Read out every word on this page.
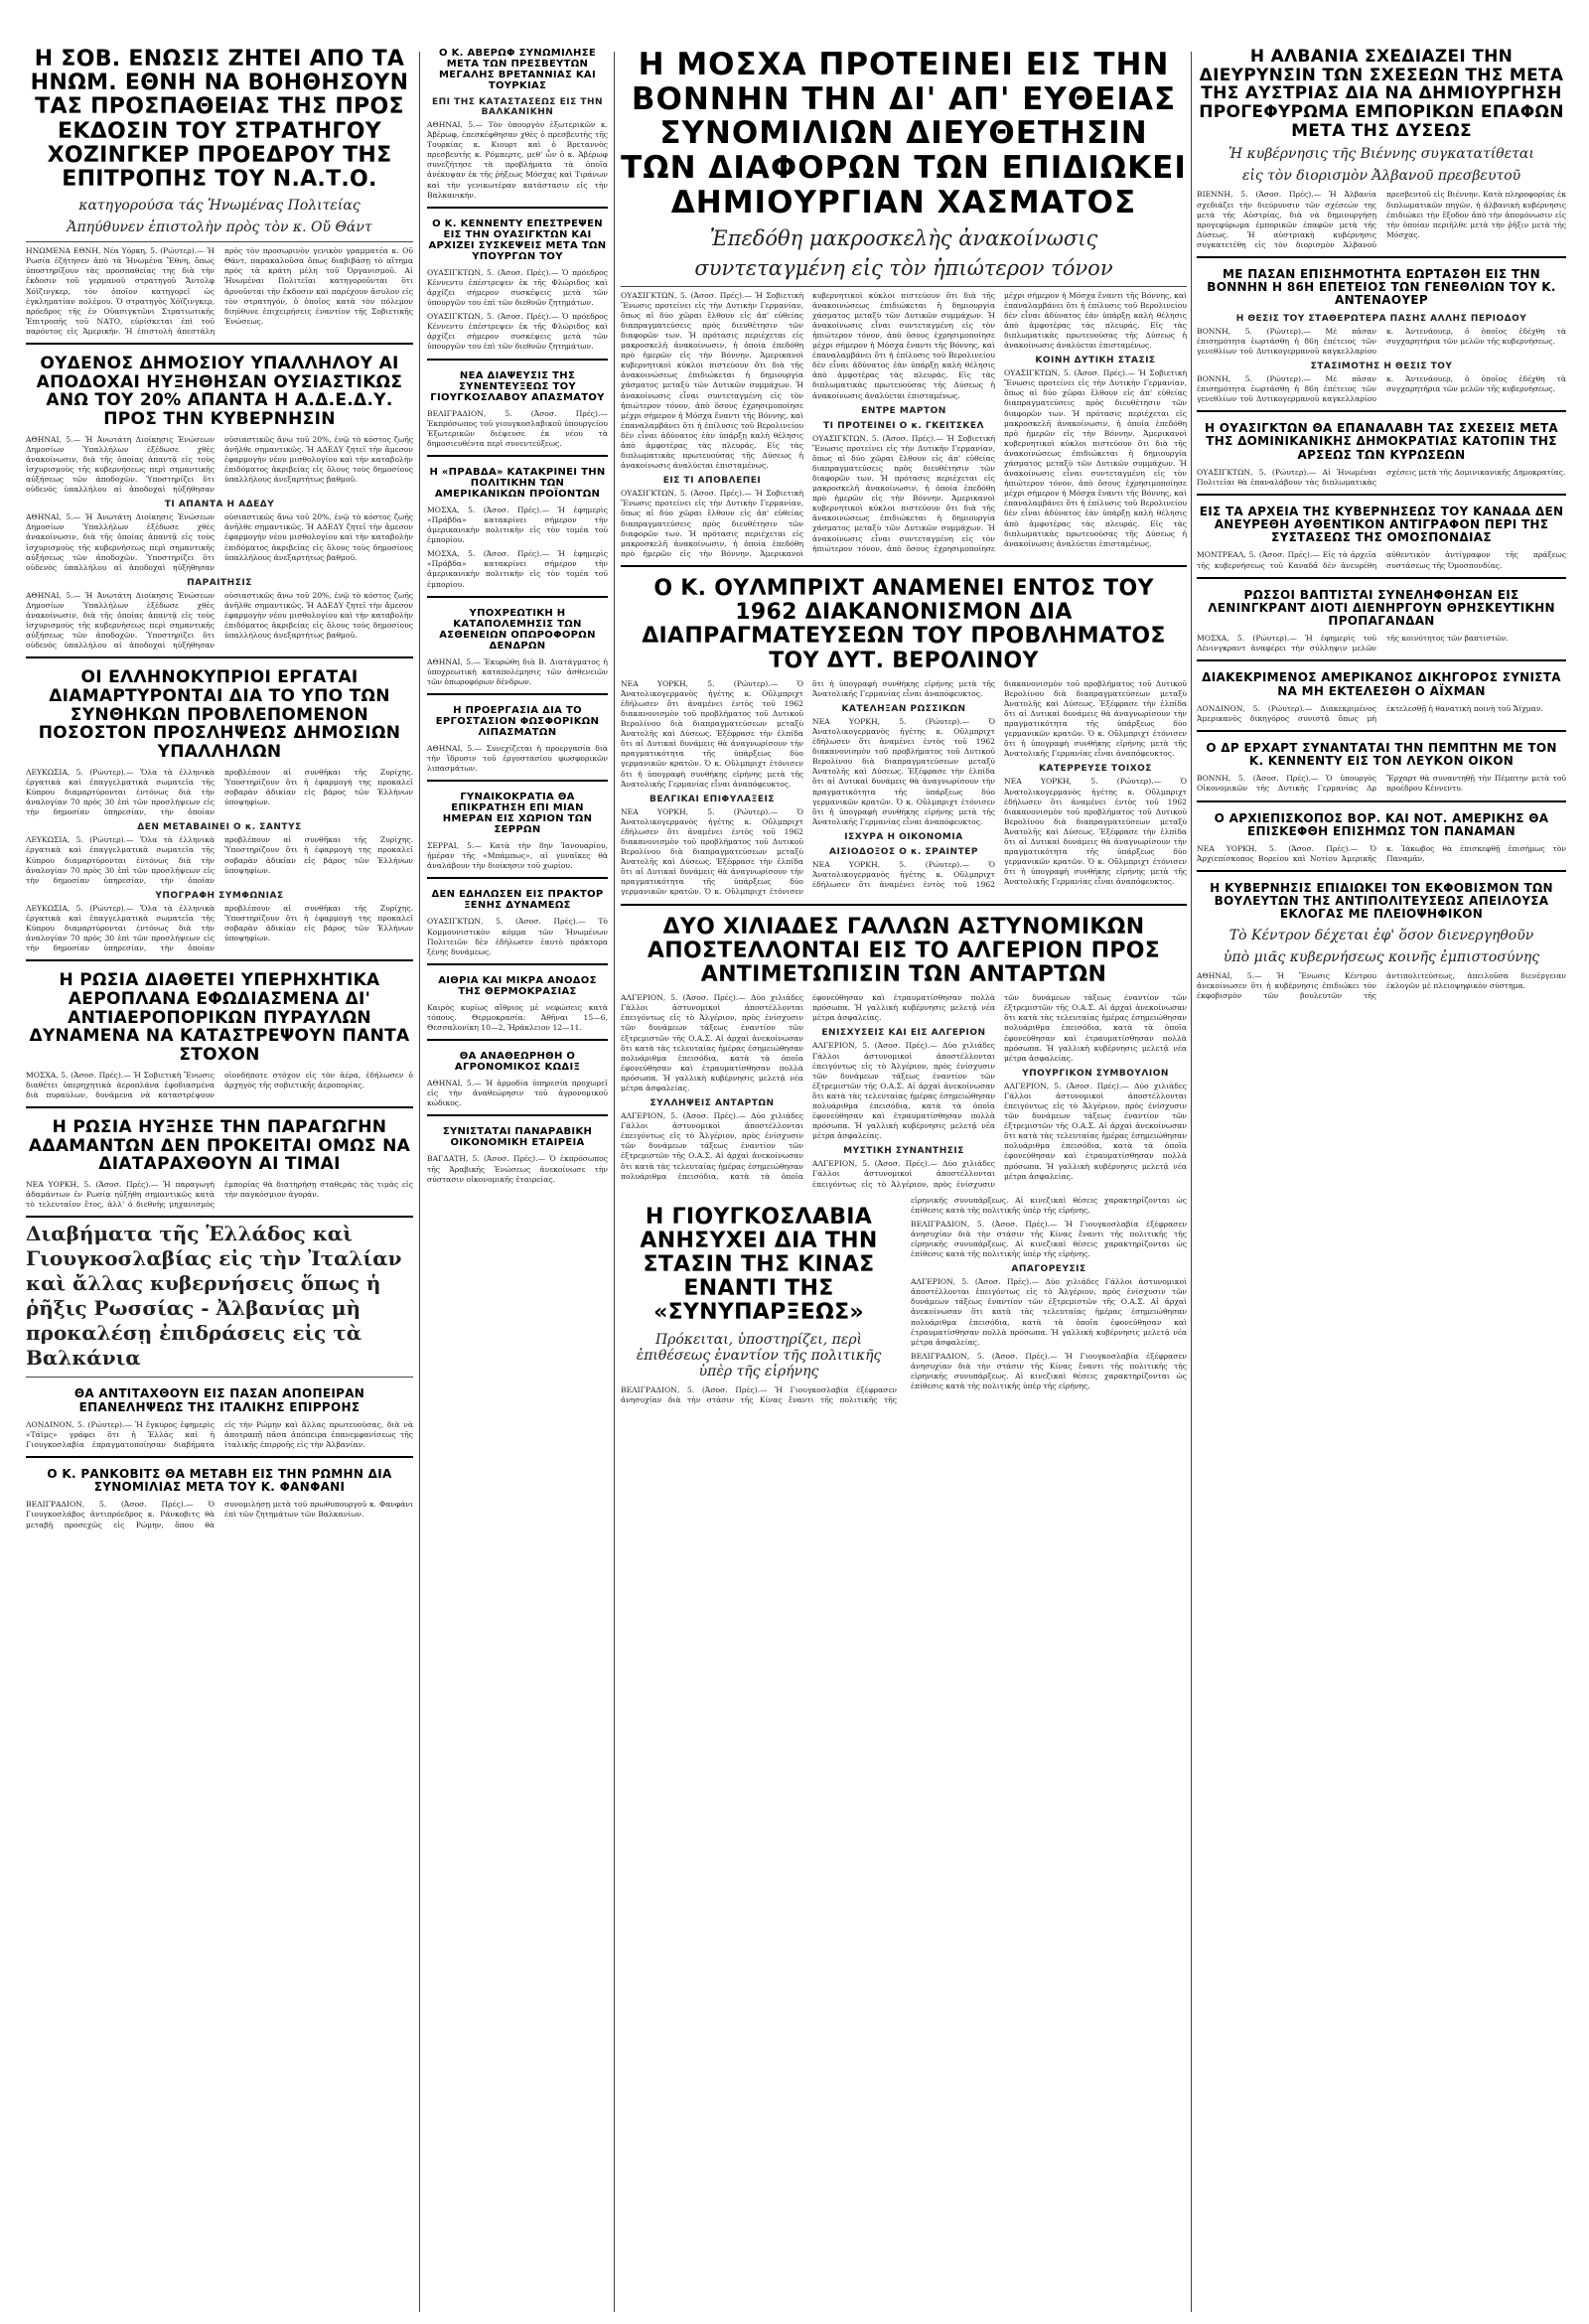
Η ΣΟΒ. ΕΝΩΣΙΣ ΖΗΤΕΙ ΑΠΟ ΤΑ ΗΝΩΜ. ΕΘΝΗ ΝΑ ΒΟΗΘΗΣΟΥΝ ΤΑΣ ΠΡΟΣΠΑΘΕΙΑΣ ΤΗΣ ΠΡΟΣ ΕΚΔΟΣΙΝ ΤΟΥ ΣΤΡΑΤΗΓΟΥ ΧΟΖΙΝΓΚΕΡ ΠΡΟΕΔΡΟΥ ΤΗΣ ΕΠΙΤΡΟΠΗΣ ΤΟΥ Ν.Α.Τ.Ο.
κατηγορούσα τάς Ἡνωμένας Πολιτείας
Ἀπηύθυνεν ἐπιστολὴν πρὸς τὸν κ. Οὔ Θάντ

ΗΝΩΜΕΝΑ ΕΘΝΗ, Νέα Υόρκη, 5. (Ρώυτερ).— Ἡ Ρωσία ἐζήτησεν ἀπὸ τὰ Ἡνωμένα Ἔθνη, ὅπως ὑποστηρίξουν τὰς προσπαθείας της διὰ τὴν ἔκδοσιν τοῦ γερμανοῦ στρατηγοῦ Ἄντολφ Χόϊζινγκερ, τὸν ὁποῖον κατηγορεῖ ὡς ἐγκληματίαν πολέμου. Ὁ στρατηγὸς Χόϊζινγκερ, πρόεδρος τῆς ἐν Οὐασιγκτῶνι Στρατιωτικῆς Ἐπιτροπῆς τοῦ ΝΑΤΟ, εὑρίσκεται ἐπὶ τοῦ παρόντος εἰς Ἀμερικήν. Ἡ ἐπιστολὴ ἀπεστάλη πρὸς τὸν προσωρινὸν γενικὸν γραμματέα κ. Οὔ Θάντ, παρακαλοῦσα ὅπως διαβιβάσῃ τὸ αἴτημα πρὸς τὰ κράτη μέλη τοῦ Ὀργανισμοῦ. Αἱ Ἡνωμέναι Πολιτεῖαι κατηγοροῦνται ὅτι ἀρνοῦνται τὴν ἔκδοσιν καὶ παρέχουν ἄσυλον εἰς τὸν στρατηγόν, ὁ ὁποῖος κατὰ τὸν πόλεμον διηύθυνε ἐπιχειρήσεις ἐναντίον τῆς Σοβιετικῆς Ἑνώσεως.

ΟΥΔΕΝΟΣ ΔΗΜΟΣΙΟΥ ΥΠΑΛΛΗΛΟΥ ΑΙ ΑΠΟΔΟΧΑΙ ΗΥΞΗΘΗΣΑΝ ΟΥΣΙΑΣΤΙΚΩΣ ΑΝΩ ΤΟΥ 20% ΑΠΑΝΤΑ Η Α.Δ.Ε.Δ.Υ. ΠΡΟΣ ΤΗΝ ΚΥΒΕΡΝΗΣΙΝ

ΑΘΗΝΑΙ, 5.— Ἡ Ἀνωτάτη Διοίκησις Ἑνώσεων Δημοσίων Ὑπαλλήλων ἐξέδωσε χθὲς ἀνακοίνωσιν, διὰ τῆς ὁποίας ἀπαντᾷ εἰς τοὺς ἰσχυρισμοὺς τῆς κυβερνήσεως περὶ σημαντικῆς αὐξήσεως τῶν ἀποδοχῶν. Ὑποστηρίζει ὅτι οὐδενὸς ὑπαλλήλου αἱ ἀποδοχαὶ ηὐξήθησαν οὐσιαστικῶς ἄνω τοῦ 20%, ἐνῷ τὸ κόστος ζωῆς ἀνῆλθε σημαντικῶς. Ἡ ΑΔΕΔΥ ζητεῖ τὴν ἄμεσον ἐφαρμογὴν νέου μισθολογίου καὶ τὴν καταβολὴν ἐπιδόματος ἀκριβείας εἰς ὅλους τοὺς δημοσίους ὑπαλλήλους ἀνεξαρτήτως βαθμοῦ.

ΤΙ ΑΠΑΝΤΑ Η ΑΔΕΔΥ

ΑΘΗΝΑΙ, 5.— Ἡ Ἀνωτάτη Διοίκησις Ἑνώσεων Δημοσίων Ὑπαλλήλων ἐξέδωσε χθὲς ἀνακοίνωσιν, διὰ τῆς ὁποίας ἀπαντᾷ εἰς τοὺς ἰσχυρισμοὺς τῆς κυβερνήσεως περὶ σημαντικῆς αὐξήσεως τῶν ἀποδοχῶν. Ὑποστηρίζει ὅτι οὐδενὸς ὑπαλλήλου αἱ ἀποδοχαὶ ηὐξήθησαν οὐσιαστικῶς ἄνω τοῦ 20%, ἐνῷ τὸ κόστος ζωῆς ἀνῆλθε σημαντικῶς. Ἡ ΑΔΕΔΥ ζητεῖ τὴν ἄμεσον ἐφαρμογὴν νέου μισθολογίου καὶ τὴν καταβολὴν ἐπιδόματος ἀκριβείας εἰς ὅλους τοὺς δημοσίους ὑπαλλήλους ἀνεξαρτήτως βαθμοῦ.

ΠΑΡΑΙΤΗΣΙΣ

ΑΘΗΝΑΙ, 5.— Ἡ Ἀνωτάτη Διοίκησις Ἑνώσεων Δημοσίων Ὑπαλλήλων ἐξέδωσε χθὲς ἀνακοίνωσιν, διὰ τῆς ὁποίας ἀπαντᾷ εἰς τοὺς ἰσχυρισμοὺς τῆς κυβερνήσεως περὶ σημαντικῆς αὐξήσεως τῶν ἀποδοχῶν. Ὑποστηρίζει ὅτι οὐδενὸς ὑπαλλήλου αἱ ἀποδοχαὶ ηὐξήθησαν οὐσιαστικῶς ἄνω τοῦ 20%, ἐνῷ τὸ κόστος ζωῆς ἀνῆλθε σημαντικῶς. Ἡ ΑΔΕΔΥ ζητεῖ τὴν ἄμεσον ἐφαρμογὴν νέου μισθολογίου καὶ τὴν καταβολὴν ἐπιδόματος ἀκριβείας εἰς ὅλους τοὺς δημοσίους ὑπαλλήλους ἀνεξαρτήτως βαθμοῦ.

ΟΙ ΕΛΛΗΝΟΚΥΠΡΙΟΙ ΕΡΓΑΤΑΙ ΔΙΑΜΑΡΤΥΡΟΝΤΑΙ ΔΙΑ ΤΟ ΥΠΟ ΤΩΝ ΣΥΝΘΗΚΩΝ ΠΡΟΒΛΕΠΟΜΕΝΟΝ ΠΟΣΟΣΤΟΝ ΠΡΟΣΛΗΨΕΩΣ ΔΗΜΟΣΙΩΝ ΥΠΑΛΛΗΛΩΝ

ΛΕΥΚΩΣΙΑ, 5. (Ρώυτερ).— Ὅλα τὰ ἑλληνικὰ ἐργατικὰ καὶ ἐπαγγελματικὰ σωματεῖα τῆς Κύπρου διαμαρτύρονται ἐντόνως διὰ τὴν ἀναλογίαν 70 πρὸς 30 ἐπὶ τῶν προσλήψεων εἰς τὴν δημοσίαν ὑπηρεσίαν, τὴν ὁποίαν προβλέπουν αἱ συνθῆκαι τῆς Ζυρίχης. Ὑποστηρίζουν ὅτι ἡ ἐφαρμογὴ της προκαλεῖ σοβαρὰν ἀδικίαν εἰς βάρος τῶν Ἑλλήνων ὑποψηφίων.

ΔΕΝ ΜΕΤΑΒΑΙΝΕΙ Ο κ. ΣΑΝΤΥΣ

ΛΕΥΚΩΣΙΑ, 5. (Ρώυτερ).— Ὅλα τὰ ἑλληνικὰ ἐργατικὰ καὶ ἐπαγγελματικὰ σωματεῖα τῆς Κύπρου διαμαρτύρονται ἐντόνως διὰ τὴν ἀναλογίαν 70 πρὸς 30 ἐπὶ τῶν προσλήψεων εἰς τὴν δημοσίαν ὑπηρεσίαν, τὴν ὁποίαν προβλέπουν αἱ συνθῆκαι τῆς Ζυρίχης. Ὑποστηρίζουν ὅτι ἡ ἐφαρμογὴ της προκαλεῖ σοβαρὰν ἀδικίαν εἰς βάρος τῶν Ἑλλήνων ὑποψηφίων.

ΥΠΟΓΡΑΦΗ ΣΥΜΦΩΝΙΑΣ

ΛΕΥΚΩΣΙΑ, 5. (Ρώυτερ).— Ὅλα τὰ ἑλληνικὰ ἐργατικὰ καὶ ἐπαγγελματικὰ σωματεῖα τῆς Κύπρου διαμαρτύρονται ἐντόνως διὰ τὴν ἀναλογίαν 70 πρὸς 30 ἐπὶ τῶν προσλήψεων εἰς τὴν δημοσίαν ὑπηρεσίαν, τὴν ὁποίαν προβλέπουν αἱ συνθῆκαι τῆς Ζυρίχης. Ὑποστηρίζουν ὅτι ἡ ἐφαρμογὴ της προκαλεῖ σοβαρὰν ἀδικίαν εἰς βάρος τῶν Ἑλλήνων ὑποψηφίων.

Η ΡΩΣΙΑ ΔΙΑΘΕΤΕΙ ΥΠΕΡΗΧΗΤΙΚΑ ΑΕΡΟΠΛΑΝΑ ΕΦΩΔΙΑΣΜΕΝΑ ΔΙ' ΑΝΤΙΑΕΡΟΠΟΡΙΚΩΝ ΠΥΡΑΥΛΩΝ ΔΥΝΑΜΕΝΑ ΝΑ ΚΑΤΑΣΤΡΕΨΟΥΝ ΠΑΝΤΑ ΣΤΟΧΟΝ

ΜΟΣΧΑ, 5. (Ἀσοσ. Πρές).— Ἡ Σοβιετικὴ Ἕνωσις διαθέτει ὑπερηχητικὰ ἀεροπλάνα ἐφοδιασμένα διὰ πυραύλων, δυνάμενα νὰ καταστρέψουν οἱονδήποτε στόχον εἰς τὸν ἀέρα, ἐδήλωσεν ὁ ἀρχηγὸς τῆς σοβιετικῆς ἀεροπορίας.

Η ΡΩΣΙΑ ΗΥΞΗΣΕ ΤΗΝ ΠΑΡΑΓΩΓΗΝ ΑΔΑΜΑΝΤΩΝ ΔΕΝ ΠΡΟΚΕΙΤΑΙ ΟΜΩΣ ΝΑ ΔΙΑΤΑΡΑΧΘΟΥΝ ΑΙ ΤΙΜΑΙ

ΝΕΑ ΥΟΡΚΗ, 5. (Ἀσοσ. Πρές).— Ἡ παραγωγὴ ἀδαμάντων ἐν Ρωσίᾳ ηὐξήθη σημαντικῶς κατὰ τὸ τελευταῖον ἔτος, ἀλλ' ὁ διεθνὴς μηχανισμὸς ἐμπορίας θὰ διατηρήσῃ σταθερὰς τὰς τιμὰς εἰς τὴν παγκόσμιον ἀγοράν.

Διαβήματα τῆς Ἑλλάδος καὶ Γιουγκοσλαβίας εἰς τὴν Ἰταλίαν καὶ ἄλλας κυβερνήσεις ὅπως ἡ ῥῆξις Ρωσσίας - Ἀλβανίας μὴ προκαλέσῃ ἐπιδράσεις εἰς τὰ Βαλκάνια
ΘΑ ΑΝΤΙΤΑΧΘΟΥΝ ΕΙΣ ΠΑΣΑΝ ΑΠΟΠΕΙΡΑΝ ΕΠΑΝΕΛΗΨΕΩΣ ΤΗΣ ΙΤΑΛΙΚΗΣ ΕΠΙΡΡΟΗΣ

ΛΟΝΔΙΝΟΝ, 5. (Ρώυτερ).— Ἡ ἔγκυρος ἐφημερὶς «Τάϊμς» γράφει ὅτι ἡ Ἑλλὰς καὶ ἡ Γιουγκοσλαβία ἐπραγματοποίησαν διαβήματα εἰς τὴν Ρώμην καὶ ἄλλας πρωτευούσας, διὰ νὰ ἀποτραπῇ πᾶσα ἀπόπειρα ἐπανεμφανίσεως τῆς ἰταλικῆς ἐπιρροῆς εἰς τὴν Ἀλβανίαν.

Ο Κ. ΡΑΝΚΟΒΙΤΣ ΘΑ ΜΕΤΑΒΗ ΕΙΣ ΤΗΝ ΡΩΜΗΝ ΔΙΑ ΣΥΝΟΜΙΛΙΑΣ ΜΕΤΑ ΤΟΥ Κ. ΦΑΝΦΑΝΙ

ΒΕΛΙΓΡΑΔΙΟΝ, 5. (Ἀσοσ. Πρές).— Ὁ Γιουγκοσλάβος ἀντιπρόεδρος κ. Ράνκοβιτς θὰ μεταβῇ προσεχῶς εἰς Ρώμην, ὅπου θὰ συνομιλήσῃ μετὰ τοῦ πρωθυπουργοῦ κ. Φανφάνι ἐπὶ τῶν ζητημάτων τῶν Βαλκανίων.

Ο Κ. ΑΒΕΡΩΦ ΣΥΝΩΜΙΛΗΣΕ ΜΕΤΑ ΤΩΝ ΠΡΕΣΒΕΥΤΩΝ ΜΕΓΑΛΗΣ ΒΡΕΤΑΝΝΙΑΣ ΚΑΙ ΤΟΥΡΚΙΑΣ
ΕΠΙ ΤΗΣ ΚΑΤΑΣΤΑΣΕΩΣ ΕΙΣ ΤΗΝ ΒΑΛΚΑΝΙΚΗΝ

ΑΘΗΝΑΙ, 5.— Τὸν ὑπουργὸν ἐξωτερικῶν κ. Ἀβέρωφ, ἐπεσκέφθησαν χθὲς ὁ πρεσβευτὴς τῆς Τουρκίας κ. Κιουρτ καὶ ὁ Βρεταννὸς πρεσβευτὴς κ. Ρόμπερτς, μεθ' ὧν ὁ κ. Ἀβέρωφ συνεζήτησε τὰ προβλήματα τὰ ὁποῖα ἀνέκυψαν ἐκ τῆς ῥήξεως Μόσχας καὶ Τιράνων καὶ τὴν γενικωτέραν κατάστασιν εἰς τὴν Βαλκανικήν.

Ο Κ. ΚΕΝΝΕΝΤΥ ΕΠΕΣΤΡΕΨΕΝ ΕΙΣ ΤΗΝ ΟΥΑΣΙΓΚΤΩΝ ΚΑΙ ΑΡΧΙΖΕΙ ΣΥΣΚΕΨΕΙΣ ΜΕΤΑ ΤΩΝ ΥΠΟΥΡΓΩΝ ΤΟΥ

ΟΥΑΣΙΓΚΤΩΝ, 5. (Ἀσοσ. Πρές).— Ὁ πρόεδρος Κέννεντυ ἐπέστρεψεν ἐκ τῆς Φλώριδος καὶ ἀρχίζει σήμερον συσκέψεις μετὰ τῶν ὑπουργῶν του ἐπὶ τῶν διεθνῶν ζητημάτων.

ΟΥΑΣΙΓΚΤΩΝ, 5. (Ἀσοσ. Πρές).— Ὁ πρόεδρος Κέννεντυ ἐπέστρεψεν ἐκ τῆς Φλώριδος καὶ ἀρχίζει σήμερον συσκέψεις μετὰ τῶν ὑπουργῶν του ἐπὶ τῶν διεθνῶν ζητημάτων.

ΝΕΑ ΔΙΑΨΕΥΣΙΣ ΤΗΣ ΣΥΝΕΝΤΕΥΞΕΩΣ ΤΟΥ ΓΙΟΥΓΚΟΣΛΑΒΟΥ ΑΠΑΣΜΑΤΟΥ

ΒΕΛΙΓΡΑΔΙΟΝ, 5. (Ἀσοσ. Πρές).— Ἐκπρόσωπος τοῦ γιουγκοσλαβικοῦ ὑπουργείου Ἐξωτερικῶν διέψευσε ἐκ νέου τὰ δημοσιευθέντα περὶ συνεντεύξεως.

Η «ΠΡΑΒΔΑ» ΚΑΤΑΚΡΙΝΕΙ ΤΗΝ ΠΟΛΙΤΙΚΗΝ ΤΩΝ ΑΜΕΡΙΚΑΝΙΚΩΝ ΠΡΟΪΟΝΤΩΝ

ΜΟΣΧΑ, 5. (Ἀσοσ. Πρές).— Ἡ ἐφημερὶς «Πράβδα» κατακρίνει σήμερον τὴν ἀμερικανικὴν πολιτικὴν εἰς τὸν τομέα τοῦ ἐμπορίου.

ΜΟΣΧΑ, 5. (Ἀσοσ. Πρές).— Ἡ ἐφημερὶς «Πράβδα» κατακρίνει σήμερον τὴν ἀμερικανικὴν πολιτικὴν εἰς τὸν τομέα τοῦ ἐμπορίου.

ΥΠΟΧΡΕΩΤΙΚΗ Η ΚΑΤΑΠΟΛΕΜΗΣΙΣ ΤΩΝ ΑΣΘΕΝΕΙΩΝ ΟΠΩΡΟΦΟΡΩΝ ΔΕΝΔΡΩΝ

ΑΘΗΝΑΙ, 5.— Ἐκυρώθη διὰ Β. Διατάγματος ἡ ὑποχρεωτικὴ καταπολέμησις τῶν ἀσθενειῶν τῶν ὀπωροφόρων δένδρων.

Η ΠΡΟΕΡΓΑΣΙΑ ΔΙΑ ΤΟ ΕΡΓΟΣΤΑΣΙΟΝ ΦΩΣΦΟΡΙΚΩΝ ΛΙΠΑΣΜΑΤΩΝ

ΑΘΗΝΑΙ, 5.— Συνεχίζεται ἡ προεργασία διὰ τὴν ἵδρυσιν τοῦ ἐργοστασίου φωσφορικῶν λιπασμάτων.

ΓΥΝΑΙΚΟΚΡΑΤΙΑ ΘΑ ΕΠΙΚΡΑΤΗΣΗ ΕΠΙ ΜΙΑΝ ΗΜΕΡΑΝ ΕΙΣ ΧΩΡΙΟΝ ΤΩΝ ΣΕΡΡΩΝ

ΣΕΡΡΑΙ, 5.— Κατὰ τὴν 8ην Ἰανουαρίου, ἡμέραν τῆς «Μπάμπως», αἱ γυναῖκες θὰ ἀναλάβουν τὴν διοίκησιν τοῦ χωρίου.

ΔΕΝ ΕΔΗΛΩΣΕΝ ΕΙΣ ΠΡΑΚΤΟΡ ΞΕΝΗΣ ΔΥΝΑΜΕΩΣ

ΟΥΑΣΙΓΚΤΩΝ, 5. (Ἀσοσ. Πρές).— Τὸ Κομμουνιστικὸν κόμμα τῶν Ἡνωμένων Πολιτειῶν δὲν ἐδήλωσεν ἑαυτὸ πράκτορα ξένης δυνάμεως.

ΑΙΘΡΙΑ ΚΑΙ ΜΙΚΡΑ ΑΝΟΔΟΣ ΤΗΣ ΘΕΡΜΟΚΡΑΣΙΑΣ

Καιρὸς κυρίως αἴθριος μὲ νεφώσεις κατὰ τόπους. Θερμοκρασία: Ἀθῆναι 15—6, Θεσσαλονίκη 10—2, Ἡράκλειον 12—11.

ΘΑ ΑΝΑΘΕΩΡΗΘΗ Ο ΑΓΡΟΝΟΜΙΚΟΣ ΚΩΔΙΞ

ΑΘΗΝΑΙ, 5.— Ἡ ἁρμοδία ὑπηρεσία προχωρεῖ εἰς τὴν ἀναθεώρησιν τοῦ ἀγρονομικοῦ κώδικος.

ΣΥΝΙΣΤΑΤΑΙ ΠΑΝΑΡΑΒΙΚΗ ΟΙΚΟΝΟΜΙΚΗ ΕΤΑΙΡΕΙΑ

ΒΑΓΔΑΤΗ, 5. (Ἀσοσ. Πρές).— Ὁ ἐκπρόσωπος τῆς Ἀραβικῆς Ἑνώσεως ἀνεκοίνωσε τὴν σύστασιν οἰκονομικῆς ἑταιρείας.

Η ΜΟΣΧΑ ΠΡΟΤΕΙΝΕΙ ΕΙΣ ΤΗΝ ΒΟΝΝΗΝ ΤΗΝ ΔΙ' ΑΠ' ΕΥΘΕΙΑΣ ΣΥΝΟΜΙΛΙΩΝ ΔΙΕΥΘΕΤΗΣΙΝ ΤΩΝ ΔΙΑΦΟΡΩΝ ΤΩΝ ΕΠΙΔΙΩΚΕΙ ΔΗΜΙΟΥΡΓΙΑΝ ΧΑΣΜΑΤΟΣ
Ἐπεδόθη μακροσκελὴς ἀνακοίνωσις
συντεταγμένη εἰς τὸν ἠπιώτερον τόνον

ΟΥΑΣΙΓΚΤΩΝ, 5. (Ἀσοσ. Πρές).— Ἡ Σοβιετικὴ Ἕνωσις προτείνει εἰς τὴν Δυτικὴν Γερμανίαν, ὅπως αἱ δύο χῶραι ἔλθουν εἰς ἀπ' εὐθείας διαπραγματεύσεις πρὸς διευθέτησιν τῶν διαφορῶν των. Ἡ πρότασις περιέχεται εἰς μακροσκελῆ ἀνακοίνωσιν, ἡ ὁποία ἐπεδόθη πρὸ ἡμερῶν εἰς τὴν Βόννην. Ἀμερικανοὶ κυβερνητικοὶ κύκλοι πιστεύουν ὅτι διὰ τῆς ἀνακοινώσεως ἐπιδιώκεται ἡ δημιουργία χάσματος μεταξὺ τῶν Δυτικῶν συμμάχων. Ἡ ἀνακοίνωσις εἶναι συντεταγμένη εἰς τὸν ἠπιώτερον τόνον, ἀπὸ ὅσους ἐχρησιμοποίησε μέχρι σήμερον ἡ Μόσχα ἔναντι τῆς Βόννης, καὶ ἐπαναλαμβάνει ὅτι ἡ ἐπίλυσις τοῦ Βερολινείου δὲν εἶναι ἀδύνατος ἐὰν ὑπάρξῃ καλὴ θέλησις ἀπὸ ἀμφοτέρας τὰς πλευράς. Εἰς τὰς διπλωματικὰς πρωτευούσας τῆς Δύσεως ἡ ἀνακοίνωσις ἀναλύεται ἐπισταμένως.

ΕΙΣ ΤΙ ΑΠΟΒΛΕΠΕΙ

ΟΥΑΣΙΓΚΤΩΝ, 5. (Ἀσοσ. Πρές).— Ἡ Σοβιετικὴ Ἕνωσις προτείνει εἰς τὴν Δυτικὴν Γερμανίαν, ὅπως αἱ δύο χῶραι ἔλθουν εἰς ἀπ' εὐθείας διαπραγματεύσεις πρὸς διευθέτησιν τῶν διαφορῶν των. Ἡ πρότασις περιέχεται εἰς μακροσκελῆ ἀνακοίνωσιν, ἡ ὁποία ἐπεδόθη πρὸ ἡμερῶν εἰς τὴν Βόννην. Ἀμερικανοὶ κυβερνητικοὶ κύκλοι πιστεύουν ὅτι διὰ τῆς ἀνακοινώσεως ἐπιδιώκεται ἡ δημιουργία χάσματος μεταξὺ τῶν Δυτικῶν συμμάχων. Ἡ ἀνακοίνωσις εἶναι συντεταγμένη εἰς τὸν ἠπιώτερον τόνον, ἀπὸ ὅσους ἐχρησιμοποίησε μέχρι σήμερον ἡ Μόσχα ἔναντι τῆς Βόννης, καὶ ἐπαναλαμβάνει ὅτι ἡ ἐπίλυσις τοῦ Βερολινείου δὲν εἶναι ἀδύνατος ἐὰν ὑπάρξῃ καλὴ θέλησις ἀπὸ ἀμφοτέρας τὰς πλευράς. Εἰς τὰς διπλωματικὰς πρωτευούσας τῆς Δύσεως ἡ ἀνακοίνωσις ἀναλύεται ἐπισταμένως.

ΕΝΤΡΕ ΜΑΡΤΟΝ
ΤΙ ΠΡΟΤΕΙΝΕΙ Ο κ. ΓΚΕΙΤΣΚΕΛ

ΟΥΑΣΙΓΚΤΩΝ, 5. (Ἀσοσ. Πρές).— Ἡ Σοβιετικὴ Ἕνωσις προτείνει εἰς τὴν Δυτικὴν Γερμανίαν, ὅπως αἱ δύο χῶραι ἔλθουν εἰς ἀπ' εὐθείας διαπραγματεύσεις πρὸς διευθέτησιν τῶν διαφορῶν των. Ἡ πρότασις περιέχεται εἰς μακροσκελῆ ἀνακοίνωσιν, ἡ ὁποία ἐπεδόθη πρὸ ἡμερῶν εἰς τὴν Βόννην. Ἀμερικανοὶ κυβερνητικοὶ κύκλοι πιστεύουν ὅτι διὰ τῆς ἀνακοινώσεως ἐπιδιώκεται ἡ δημιουργία χάσματος μεταξὺ τῶν Δυτικῶν συμμάχων. Ἡ ἀνακοίνωσις εἶναι συντεταγμένη εἰς τὸν ἠπιώτερον τόνον, ἀπὸ ὅσους ἐχρησιμοποίησε μέχρι σήμερον ἡ Μόσχα ἔναντι τῆς Βόννης, καὶ ἐπαναλαμβάνει ὅτι ἡ ἐπίλυσις τοῦ Βερολινείου δὲν εἶναι ἀδύνατος ἐὰν ὑπάρξῃ καλὴ θέλησις ἀπὸ ἀμφοτέρας τὰς πλευράς. Εἰς τὰς διπλωματικὰς πρωτευούσας τῆς Δύσεως ἡ ἀνακοίνωσις ἀναλύεται ἐπισταμένως.

ΚΟΙΝΗ ΔΥΤΙΚΗ ΣΤΑΣΙΣ

ΟΥΑΣΙΓΚΤΩΝ, 5. (Ἀσοσ. Πρές).— Ἡ Σοβιετικὴ Ἕνωσις προτείνει εἰς τὴν Δυτικὴν Γερμανίαν, ὅπως αἱ δύο χῶραι ἔλθουν εἰς ἀπ' εὐθείας διαπραγματεύσεις πρὸς διευθέτησιν τῶν διαφορῶν των. Ἡ πρότασις περιέχεται εἰς μακροσκελῆ ἀνακοίνωσιν, ἡ ὁποία ἐπεδόθη πρὸ ἡμερῶν εἰς τὴν Βόννην. Ἀμερικανοὶ κυβερνητικοὶ κύκλοι πιστεύουν ὅτι διὰ τῆς ἀνακοινώσεως ἐπιδιώκεται ἡ δημιουργία χάσματος μεταξὺ τῶν Δυτικῶν συμμάχων. Ἡ ἀνακοίνωσις εἶναι συντεταγμένη εἰς τὸν ἠπιώτερον τόνον, ἀπὸ ὅσους ἐχρησιμοποίησε μέχρι σήμερον ἡ Μόσχα ἔναντι τῆς Βόννης, καὶ ἐπαναλαμβάνει ὅτι ἡ ἐπίλυσις τοῦ Βερολινείου δὲν εἶναι ἀδύνατος ἐὰν ὑπάρξῃ καλὴ θέλησις ἀπὸ ἀμφοτέρας τὰς πλευράς. Εἰς τὰς διπλωματικὰς πρωτευούσας τῆς Δύσεως ἡ ἀνακοίνωσις ἀναλύεται ἐπισταμένως.

Ο Κ. ΟΥΛΜΠΡΙΧΤ ΑΝΑΜΕΝΕΙ ΕΝΤΟΣ ΤΟΥ 1962 ΔΙΑΚΑΝΟΝΙΣΜΟΝ ΔΙΑ ΔΙΑΠΡΑΓΜΑΤΕΥΣΕΩΝ ΤΟΥ ΠΡΟΒΛΗΜΑΤΟΣ ΤΟΥ ΔΥΤ. ΒΕΡΟΛΙΝΟΥ

ΝΕΑ ΥΟΡΚΗ, 5. (Ρώυτερ).— Ὁ Ἀνατολικογερμανὸς ἡγέτης κ. Οὔλμπριχτ ἐδήλωσεν ὅτι ἀναμένει ἐντὸς τοῦ 1962 διακανονισμὸν τοῦ προβλήματος τοῦ Δυτικοῦ Βερολίνου διὰ διαπραγματεύσεων μεταξὺ Ἀνατολῆς καὶ Δύσεως. Ἐξέφρασε τὴν ἐλπίδα ὅτι αἱ Δυτικαὶ δυνάμεις θὰ ἀναγνωρίσουν τὴν πραγματικότητα τῆς ὑπάρξεως δύο γερμανικῶν κρατῶν. Ὁ κ. Οὔλμπριχτ ἐτόνισεν ὅτι ἡ ὑπογραφὴ συνθήκης εἰρήνης μετὰ τῆς Ἀνατολικῆς Γερμανίας εἶναι ἀναπόφευκτος.

ΒΕΛΓΙΚΑΙ ΕΠΙΦΥΛΑΞΕΙΣ

ΝΕΑ ΥΟΡΚΗ, 5. (Ρώυτερ).— Ὁ Ἀνατολικογερμανὸς ἡγέτης κ. Οὔλμπριχτ ἐδήλωσεν ὅτι ἀναμένει ἐντὸς τοῦ 1962 διακανονισμὸν τοῦ προβλήματος τοῦ Δυτικοῦ Βερολίνου διὰ διαπραγματεύσεων μεταξὺ Ἀνατολῆς καὶ Δύσεως. Ἐξέφρασε τὴν ἐλπίδα ὅτι αἱ Δυτικαὶ δυνάμεις θὰ ἀναγνωρίσουν τὴν πραγματικότητα τῆς ὑπάρξεως δύο γερμανικῶν κρατῶν. Ὁ κ. Οὔλμπριχτ ἐτόνισεν ὅτι ἡ ὑπογραφὴ συνθήκης εἰρήνης μετὰ τῆς Ἀνατολικῆς Γερμανίας εἶναι ἀναπόφευκτος.

ΚΑΤΕΛΗΞΑΝ ΡΩΣΣΙΚΩΝ

ΝΕΑ ΥΟΡΚΗ, 5. (Ρώυτερ).— Ὁ Ἀνατολικογερμανὸς ἡγέτης κ. Οὔλμπριχτ ἐδήλωσεν ὅτι ἀναμένει ἐντὸς τοῦ 1962 διακανονισμὸν τοῦ προβλήματος τοῦ Δυτικοῦ Βερολίνου διὰ διαπραγματεύσεων μεταξὺ Ἀνατολῆς καὶ Δύσεως. Ἐξέφρασε τὴν ἐλπίδα ὅτι αἱ Δυτικαὶ δυνάμεις θὰ ἀναγνωρίσουν τὴν πραγματικότητα τῆς ὑπάρξεως δύο γερμανικῶν κρατῶν. Ὁ κ. Οὔλμπριχτ ἐτόνισεν ὅτι ἡ ὑπογραφὴ συνθήκης εἰρήνης μετὰ τῆς Ἀνατολικῆς Γερμανίας εἶναι ἀναπόφευκτος.

ΙΣΧΥΡΑ Η ΟΙΚΟΝΟΜΙΑ
ΑΙΣΙΟΔΟΞΟΣ Ο κ. ΣΡΑΙΝΤΕΡ

ΝΕΑ ΥΟΡΚΗ, 5. (Ρώυτερ).— Ὁ Ἀνατολικογερμανὸς ἡγέτης κ. Οὔλμπριχτ ἐδήλωσεν ὅτι ἀναμένει ἐντὸς τοῦ 1962 διακανονισμὸν τοῦ προβλήματος τοῦ Δυτικοῦ Βερολίνου διὰ διαπραγματεύσεων μεταξὺ Ἀνατολῆς καὶ Δύσεως. Ἐξέφρασε τὴν ἐλπίδα ὅτι αἱ Δυτικαὶ δυνάμεις θὰ ἀναγνωρίσουν τὴν πραγματικότητα τῆς ὑπάρξεως δύο γερμανικῶν κρατῶν. Ὁ κ. Οὔλμπριχτ ἐτόνισεν ὅτι ἡ ὑπογραφὴ συνθήκης εἰρήνης μετὰ τῆς Ἀνατολικῆς Γερμανίας εἶναι ἀναπόφευκτος.

ΚΑΤΕΡΡΕΥΣΕ ΤΟΙΧΟΣ

ΝΕΑ ΥΟΡΚΗ, 5. (Ρώυτερ).— Ὁ Ἀνατολικογερμανὸς ἡγέτης κ. Οὔλμπριχτ ἐδήλωσεν ὅτι ἀναμένει ἐντὸς τοῦ 1962 διακανονισμὸν τοῦ προβλήματος τοῦ Δυτικοῦ Βερολίνου διὰ διαπραγματεύσεων μεταξὺ Ἀνατολῆς καὶ Δύσεως. Ἐξέφρασε τὴν ἐλπίδα ὅτι αἱ Δυτικαὶ δυνάμεις θὰ ἀναγνωρίσουν τὴν πραγματικότητα τῆς ὑπάρξεως δύο γερμανικῶν κρατῶν. Ὁ κ. Οὔλμπριχτ ἐτόνισεν ὅτι ἡ ὑπογραφὴ συνθήκης εἰρήνης μετὰ τῆς Ἀνατολικῆς Γερμανίας εἶναι ἀναπόφευκτος.

ΔΥΟ ΧΙΛΙΑΔΕΣ ΓΑΛΛΩΝ ΑΣΤΥΝΟΜΙΚΩΝ ΑΠΟΣΤΕΛΛΟΝΤΑΙ ΕΙΣ ΤΟ ΑΛΓΕΡΙΟΝ ΠΡΟΣ ΑΝΤΙΜΕΤΩΠΙΣΙΝ ΤΩΝ ΑΝΤΑΡΤΩΝ

ΑΛΓΕΡΙΟΝ, 5. (Ἀσοσ. Πρές).— Δύο χιλιάδες Γάλλοι ἀστυνομικοὶ ἀποστέλλονται ἐπειγόντως εἰς τὸ Ἀλγέριον, πρὸς ἐνίσχυσιν τῶν δυνάμεων τάξεως ἐναντίον τῶν ἐξτρεμιστῶν τῆς Ο.Α.Σ. Αἱ ἀρχαὶ ἀνεκοίνωσαν ὅτι κατὰ τὰς τελευταίας ἡμέρας ἐσημειώθησαν πολυάριθμα ἐπεισόδια, κατὰ τὰ ὁποῖα ἐφονεύθησαν καὶ ἐτραυματίσθησαν πολλὰ πρόσωπα. Ἡ γαλλικὴ κυβέρνησις μελετᾷ νέα μέτρα ἀσφαλείας.

ΣΥΛΛΗΨΕΙΣ ΑΝΤΑΡΤΩΝ

ΑΛΓΕΡΙΟΝ, 5. (Ἀσοσ. Πρές).— Δύο χιλιάδες Γάλλοι ἀστυνομικοὶ ἀποστέλλονται ἐπειγόντως εἰς τὸ Ἀλγέριον, πρὸς ἐνίσχυσιν τῶν δυνάμεων τάξεως ἐναντίον τῶν ἐξτρεμιστῶν τῆς Ο.Α.Σ. Αἱ ἀρχαὶ ἀνεκοίνωσαν ὅτι κατὰ τὰς τελευταίας ἡμέρας ἐσημειώθησαν πολυάριθμα ἐπεισόδια, κατὰ τὰ ὁποῖα ἐφονεύθησαν καὶ ἐτραυματίσθησαν πολλὰ πρόσωπα. Ἡ γαλλικὴ κυβέρνησις μελετᾷ νέα μέτρα ἀσφαλείας.

ΕΝΙΣΧΥΣΕΙΣ ΚΑΙ ΕΙΣ ΑΛΓΕΡΙΟΝ

ΑΛΓΕΡΙΟΝ, 5. (Ἀσοσ. Πρές).— Δύο χιλιάδες Γάλλοι ἀστυνομικοὶ ἀποστέλλονται ἐπειγόντως εἰς τὸ Ἀλγέριον, πρὸς ἐνίσχυσιν τῶν δυνάμεων τάξεως ἐναντίον τῶν ἐξτρεμιστῶν τῆς Ο.Α.Σ. Αἱ ἀρχαὶ ἀνεκοίνωσαν ὅτι κατὰ τὰς τελευταίας ἡμέρας ἐσημειώθησαν πολυάριθμα ἐπεισόδια, κατὰ τὰ ὁποῖα ἐφονεύθησαν καὶ ἐτραυματίσθησαν πολλὰ πρόσωπα. Ἡ γαλλικὴ κυβέρνησις μελετᾷ νέα μέτρα ἀσφαλείας.

ΜΥΣΤΙΚΗ ΣΥΝΑΝΤΗΣΙΣ

ΑΛΓΕΡΙΟΝ, 5. (Ἀσοσ. Πρές).— Δύο χιλιάδες Γάλλοι ἀστυνομικοὶ ἀποστέλλονται ἐπειγόντως εἰς τὸ Ἀλγέριον, πρὸς ἐνίσχυσιν τῶν δυνάμεων τάξεως ἐναντίον τῶν ἐξτρεμιστῶν τῆς Ο.Α.Σ. Αἱ ἀρχαὶ ἀνεκοίνωσαν ὅτι κατὰ τὰς τελευταίας ἡμέρας ἐσημειώθησαν πολυάριθμα ἐπεισόδια, κατὰ τὰ ὁποῖα ἐφονεύθησαν καὶ ἐτραυματίσθησαν πολλὰ πρόσωπα. Ἡ γαλλικὴ κυβέρνησις μελετᾷ νέα μέτρα ἀσφαλείας.

ΥΠΟΥΡΓΙΚΟΝ ΣΥΜΒΟΥΛΙΟΝ

ΑΛΓΕΡΙΟΝ, 5. (Ἀσοσ. Πρές).— Δύο χιλιάδες Γάλλοι ἀστυνομικοὶ ἀποστέλλονται ἐπειγόντως εἰς τὸ Ἀλγέριον, πρὸς ἐνίσχυσιν τῶν δυνάμεων τάξεως ἐναντίον τῶν ἐξτρεμιστῶν τῆς Ο.Α.Σ. Αἱ ἀρχαὶ ἀνεκοίνωσαν ὅτι κατὰ τὰς τελευταίας ἡμέρας ἐσημειώθησαν πολυάριθμα ἐπεισόδια, κατὰ τὰ ὁποῖα ἐφονεύθησαν καὶ ἐτραυματίσθησαν πολλὰ πρόσωπα. Ἡ γαλλικὴ κυβέρνησις μελετᾷ νέα μέτρα ἀσφαλείας.

Η ΓΙΟΥΓΚΟΣΛΑΒΙΑ ΑΝΗΣΥΧΕΙ ΔΙΑ ΤΗΝ ΣΤΑΣΙΝ ΤΗΣ ΚΙΝΑΣ ΕΝΑΝΤΙ ΤΗΣ «ΣΥΝΥΠΑΡΞΕΩΣ»
Πρόκειται, ὑποστηρίζει, περὶ ἐπιθέσεως ἐναντίον τῆς πολιτικῆς ὑπὲρ τῆς εἰρήνης

ΒΕΛΙΓΡΑΔΙΟΝ, 5. (Ἀσοσ. Πρές).— Ἡ Γιουγκοσλαβία ἐξέφρασεν ἀνησυχίαν διὰ τὴν στάσιν τῆς Κίνας ἔναντι τῆς πολιτικῆς τῆς εἰρηνικῆς συνυπάρξεως. Αἱ κινεζικαὶ θέσεις χαρακτηρίζονται ὡς ἐπίθεσις κατὰ τῆς πολιτικῆς ὑπὲρ τῆς εἰρήνης.

ΒΕΛΙΓΡΑΔΙΟΝ, 5. (Ἀσοσ. Πρές).— Ἡ Γιουγκοσλαβία ἐξέφρασεν ἀνησυχίαν διὰ τὴν στάσιν τῆς Κίνας ἔναντι τῆς πολιτικῆς τῆς εἰρηνικῆς συνυπάρξεως. Αἱ κινεζικαὶ θέσεις χαρακτηρίζονται ὡς ἐπίθεσις κατὰ τῆς πολιτικῆς ὑπὲρ τῆς εἰρήνης.

ΑΠΑΓΟΡΕΥΣΙΣ

ΑΛΓΕΡΙΟΝ, 5. (Ἀσοσ. Πρές).— Δύο χιλιάδες Γάλλοι ἀστυνομικοὶ ἀποστέλλονται ἐπειγόντως εἰς τὸ Ἀλγέριον, πρὸς ἐνίσχυσιν τῶν δυνάμεων τάξεως ἐναντίον τῶν ἐξτρεμιστῶν τῆς Ο.Α.Σ. Αἱ ἀρχαὶ ἀνεκοίνωσαν ὅτι κατὰ τὰς τελευταίας ἡμέρας ἐσημειώθησαν πολυάριθμα ἐπεισόδια, κατὰ τὰ ὁποῖα ἐφονεύθησαν καὶ ἐτραυματίσθησαν πολλὰ πρόσωπα. Ἡ γαλλικὴ κυβέρνησις μελετᾷ νέα μέτρα ἀσφαλείας.

ΒΕΛΙΓΡΑΔΙΟΝ, 5. (Ἀσοσ. Πρές).— Ἡ Γιουγκοσλαβία ἐξέφρασεν ἀνησυχίαν διὰ τὴν στάσιν τῆς Κίνας ἔναντι τῆς πολιτικῆς τῆς εἰρηνικῆς συνυπάρξεως. Αἱ κινεζικαὶ θέσεις χαρακτηρίζονται ὡς ἐπίθεσις κατὰ τῆς πολιτικῆς ὑπὲρ τῆς εἰρήνης.

Η ΑΛΒΑΝΙΑ ΣΧΕΔΙΑΖΕΙ ΤΗΝ ΔΙΕΥΡΥΝΣΙΝ ΤΩΝ ΣΧΕΣΕΩΝ ΤΗΣ ΜΕΤΑ ΤΗΣ ΑΥΣΤΡΙΑΣ ΔΙΑ ΝΑ ΔΗΜΙΟΥΡΓΗΣΗ ΠΡΟΓΕΦΥΡΩΜΑ ΕΜΠΟΡΙΚΩΝ ΕΠΑΦΩΝ ΜΕΤΑ ΤΗΣ ΔΥΣΕΩΣ
Ἡ κυβέρνησις τῆς Βιέννης συγκατατίθεται
εἰς τὸν διορισμὸν Ἀλβανοῦ πρεσβευτοῦ

ΒΙΕΝΝΗ, 5. (Ἀσοσ. Πρές).— Ἡ Ἀλβανία σχεδιάζει τὴν διεύρυνσιν τῶν σχέσεών της μετὰ τῆς Αὐστρίας, διὰ νὰ δημιουργήσῃ προγεφύρωμα ἐμπορικῶν ἐπαφῶν μετὰ τῆς Δύσεως. Ἡ αὐστριακὴ κυβέρνησις συγκατετέθη εἰς τὸν διορισμὸν Ἀλβανοῦ πρεσβευτοῦ εἰς Βιέννην. Κατὰ πληροφορίας ἐκ διπλωματικῶν πηγῶν, ἡ ἀλβανικὴ κυβέρνησις ἐπιδιώκει τὴν ἔξοδον ἀπὸ τὴν ἀπομόνωσιν εἰς τὴν ὁποίαν περιῆλθε μετὰ τὴν ῥῆξιν μετὰ τῆς Μόσχας.

ΜΕ ΠΑΣΑΝ ΕΠΙΣΗΜΟΤΗΤΑ ΕΩΡΤΑΣΘΗ ΕΙΣ ΤΗΝ ΒΟΝΝΗΝ Η 86Η ΕΠΕΤΕΙΟΣ ΤΩΝ ΓΕΝΕΘΛΙΩΝ ΤΟΥ Κ. ΑΝΤΕΝΑΟΥΕΡ
Η ΘΕΣΙΣ ΤΟΥ ΣΤΑΘΕΡΩΤΕΡΑ ΠΑΣΗΣ ΑΛΛΗΣ ΠΕΡΙΟΔΟΥ

ΒΟΝΝΗ, 5. (Ρώυτερ).— Μὲ πᾶσαν ἐπισημότητα ἑωρτάσθη ἡ 86η ἐπέτειος τῶν γενεθλίων τοῦ Δυτικογερμανοῦ καγκελλαρίου κ. Ἀντενάουερ, ὁ ὁποῖος ἐδέχθη τὰ συγχαρητήρια τῶν μελῶν τῆς κυβερνήσεως.

ΣΤΑΣΙΜΟΤΗΣ Η ΘΕΣΙΣ ΤΟΥ

ΒΟΝΝΗ, 5. (Ρώυτερ).— Μὲ πᾶσαν ἐπισημότητα ἑωρτάσθη ἡ 86η ἐπέτειος τῶν γενεθλίων τοῦ Δυτικογερμανοῦ καγκελλαρίου κ. Ἀντενάουερ, ὁ ὁποῖος ἐδέχθη τὰ συγχαρητήρια τῶν μελῶν τῆς κυβερνήσεως.

Η ΟΥΑΣΙΓΚΤΩΝ ΘΑ ΕΠΑΝΑΛΑΒΗ ΤΑΣ ΣΧΕΣΕΙΣ ΜΕΤΑ ΤΗΣ ΔΟΜΙΝΙΚΑΝΙΚΗΣ ΔΗΜΟΚΡΑΤΙΑΣ ΚΑΤΟΠΙΝ ΤΗΣ ΑΡΣΕΩΣ ΤΩΝ ΚΥΡΩΣΕΩΝ

ΟΥΑΣΙΓΚΤΩΝ, 5. (Ρώυτερ).— Αἱ Ἡνωμέναι Πολιτεῖαι θὰ ἐπαναλάβουν τὰς διπλωματικὰς σχέσεις μετὰ τῆς Δομινικανικῆς Δημοκρατίας.

ΕΙΣ ΤΑ ΑΡΧΕΙΑ ΤΗΣ ΚΥΒΕΡΝΗΣΕΩΣ ΤΟΥ ΚΑΝΑΔΑ ΔΕΝ ΑΝΕΥΡΕΘΗ ΑΥΘΕΝΤΙΚΟΝ ΑΝΤΙΓΡΑΦΟΝ ΠΕΡΙ ΤΗΣ ΣΥΣΤΑΣΕΩΣ ΤΗΣ ΟΜΟΣΠΟΝΔΙΑΣ

ΜΟΝΤΡΕΑΛ, 5. (Ἀσοσ. Πρές).— Εἰς τὰ ἀρχεῖα τῆς κυβερνήσεως τοῦ Καναδᾶ δὲν ἀνευρέθη αὐθεντικὸν ἀντίγραφον τῆς πράξεως συστάσεως τῆς Ὁμοσπονδίας.

ΡΩΣΣΟΙ ΒΑΠΤΙΣΤΑΙ ΣΥΝΕΛΗΦΘΗΣΑΝ ΕΙΣ ΛΕΝΙΝΓΚΡΑΝΤ ΔΙΟΤΙ ΔΙΕΝΗΡΓΟΥΝ ΘΡΗΣΚΕΥΤΙΚΗΝ ΠΡΟΠΑΓΑΝΔΑΝ

ΜΟΣΧΑ, 5. (Ρώυτερ).— Ἡ ἐφημερὶς τοῦ Λένινγκραντ ἀναφέρει τὴν σύλληψιν μελῶν τῆς κοινότητος τῶν βαπτιστῶν.

ΔΙΑΚΕΚΡΙΜΕΝΟΣ ΑΜΕΡΙΚΑΝΟΣ ΔΙΚΗΓΟΡΟΣ ΣΥΝΙΣΤΑ ΝΑ ΜΗ ΕΚΤΕΛΕΣΘΗ Ο ΑΪΧΜΑΝ

ΛΟΝΔΙΝΟΝ, 5. (Ρώυτερ).— Διακεκριμένος Ἀμερικανὸς δικηγόρος συνιστᾷ ὅπως μὴ ἐκτελεσθῇ ἡ θανατικὴ ποινὴ τοῦ Ἄϊχμαν.

Ο ΔΡ ΕΡΧΑΡΤ ΣΥΝΑΝΤΑΤΑΙ ΤΗΝ ΠΕΜΠΤΗΝ ΜΕ ΤΟΝ Κ. ΚΕΝΝΕΝΤΥ ΕΙΣ ΤΟΝ ΛΕΥΚΟΝ ΟΙΚΟΝ

ΒΟΝΝΗ, 5. (Ἀσοσ. Πρές).— Ὁ ὑπουργὸς Οἰκονομικῶν τῆς Δυτικῆς Γερμανίας Δρ Ἔρχαρτ θὰ συναντηθῇ τὴν Πέμπτην μετὰ τοῦ προέδρου Κέννεντυ.

Ο ΑΡΧΙΕΠΙΣΚΟΠΟΣ ΒΟΡ. ΚΑΙ ΝΟΤ. ΑΜΕΡΙΚΗΣ ΘΑ ΕΠΙΣΚΕΦΘΗ ΕΠΙΣΗΜΩΣ ΤΟΝ ΠΑΝΑΜΑΝ

ΝΕΑ ΥΟΡΚΗ, 5. (Ἀσοσ. Πρές).— Ὁ Ἀρχιεπίσκοπος Βορείου καὶ Νοτίου Ἀμερικῆς κ. Ἰάκωβος θὰ ἐπισκεφθῇ ἐπισήμως τὸν Παναμᾶν.

Η ΚΥΒΕΡΝΗΣΙΣ ΕΠΙΔΙΩΚΕΙ ΤΟΝ ΕΚΦΟΒΙΣΜΟΝ ΤΩΝ ΒΟΥΛΕΥΤΩΝ ΤΗΣ ΑΝΤΙΠΟΛΙΤΕΥΣΕΩΣ ΑΠΕΙΛΟΥΣΑ ΕΚΛΟΓΑΣ ΜΕ ΠΛΕΙΟΨΗΦΙΚΟΝ
Τὸ Κέντρον δέχεται ἐφ' ὅσον διενεργηθοῦν
ὑπὸ μιᾶς κυβερνήσεως κοινῆς ἐμπιστοσύνης

ΑΘΗΝΑΙ, 5.— Ἡ Ἕνωσις Κέντρου ἀνεκοίνωσεν ὅτι ἡ κυβέρνησις ἐπιδιώκει τὸν ἐκφοβισμὸν τῶν βουλευτῶν τῆς ἀντιπολιτεύσεως, ἀπειλοῦσα διενέργειαν ἐκλογῶν μὲ πλειοψηφικὸν σύστημα.
